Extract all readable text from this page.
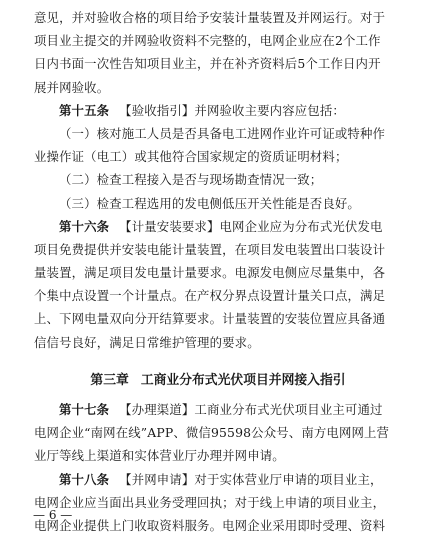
意见，并对验收合格的项目给予安装计量装置及并网运行。对于
项目业主提交的并网验收资料不完整的，电网企业应在2个工作
日内书面一次性告知项目业主，并在补齐资料后5个工作日内开
展并网验收。
第十五条 【验收指引】并网验收主要内容应包括：
（一）核对施工人员是否具备电工进网作业许可证或特种作
业操作证（电工）或其他符合国家规定的资质证明材料；
（二）检查工程接入是否与现场勘查情况一致；
（三）检查工程选用的发电侧低压开关性能是否良好。
第十六条 【计量安装要求】电网企业应为分布式光伏发电
项目免费提供并安装电能计量装置，在项目发电装置出口装设计
量装置，满足项目发电量计量要求。电源发电侧应尽量集中，各
个集中点设置一个计量点。在产权分界点设置计量关口点，满足
上、下网电量双向分开结算要求。计量装置的安装位置应具备通
信信号良好，满足日常维护管理的要求。
第三章 工商业分布式光伏项目并网接入指引
第十七条 【办理渠道】工商业分布式光伏项目业主可通过
电网企业“南网在线”APP、微信95598公众号、南方电网网上营
业厅等线上渠道和实体营业厅办理并网申请。
第十八条 【并网申请】对于实体营业厅申请的项目业主，
电网企业应当面出具业务受理回执；对于线上申请的项目业主，
电网企业提供上门收取资料服务。电网企业采用即时受理、资料
— 6 —
